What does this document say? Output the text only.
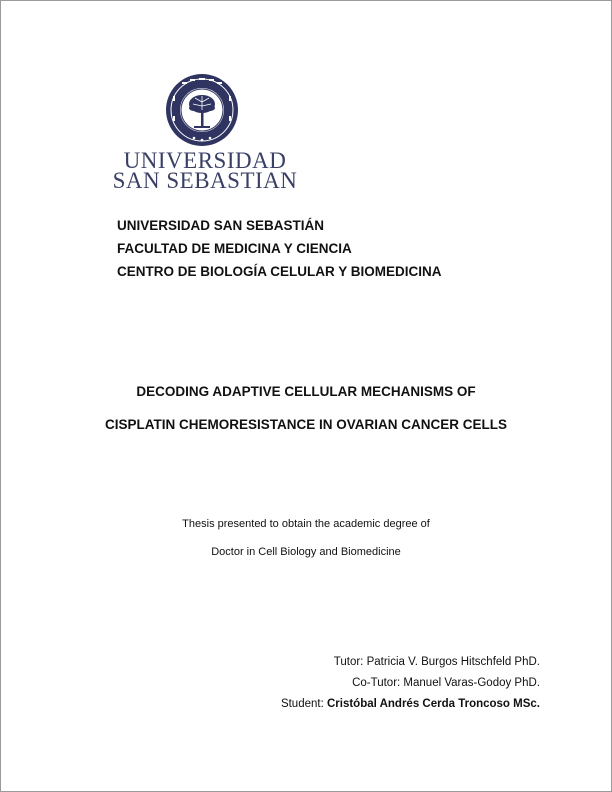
UNIVERSIDAD
SAN SEBASTIAN
UNIVERSIDAD SAN SEBASTIÁN
FACULTAD DE MEDICINA Y CIENCIA
CENTRO DE BIOLOGÍA CELULAR Y BIOMEDICINA
DECODING ADAPTIVE CELLULAR MECHANISMS OF
CISPLATIN CHEMORESISTANCE IN OVARIAN CANCER CELLS
Thesis presented to obtain the academic degree of
Doctor in Cell Biology and Biomedicine
Tutor: Patricia V. Burgos Hitschfeld PhD.
Co-Tutor: Manuel Varas-Godoy PhD.
Student: Cristóbal Andrés Cerda Troncoso MSc.
